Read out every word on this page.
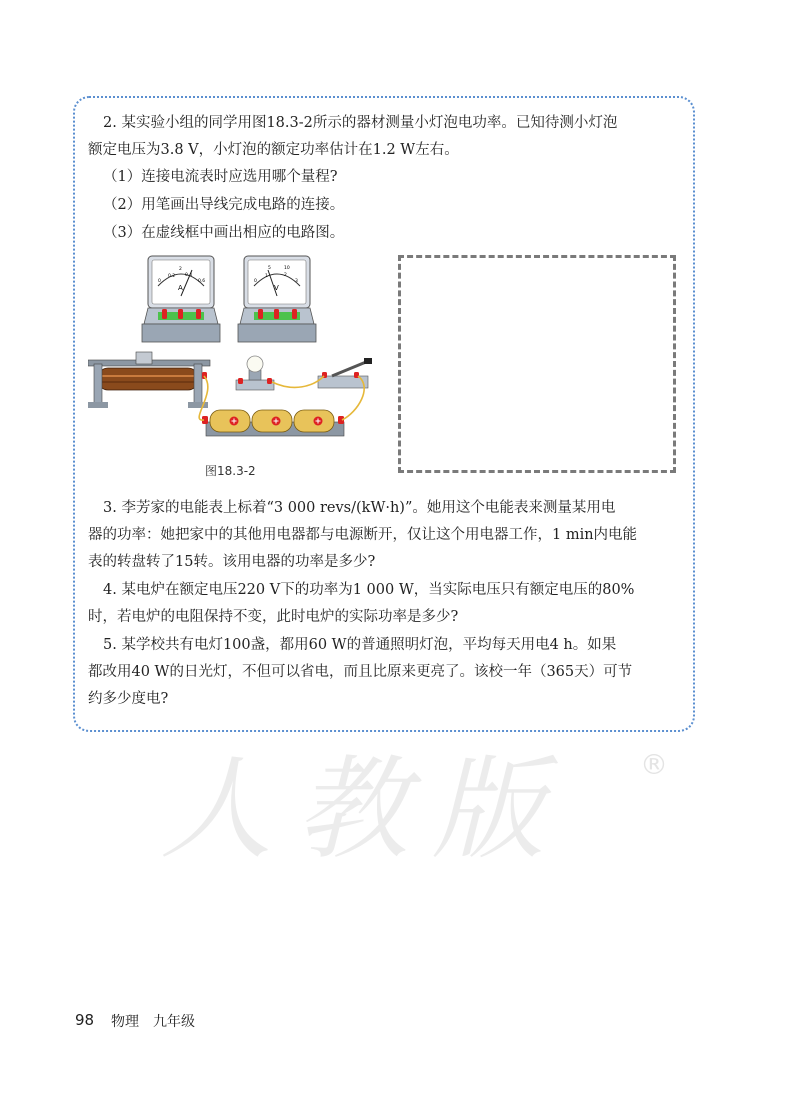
2. 某实验小组的同学用图18.3-2所示的器材测量小灯泡电功率。已知待测小灯泡
额定电压为3.8 V，小灯泡的额定功率估计在1.2 W左右。
（1）连接电流表时应选用哪个量程?
（2）用笔画出导线完成电路的连接。
（3）在虚线框中画出相应的电路图。
2
0
0.2 0.4
0.6
A
5	10
0
1	2
3
V
图18.3-2
3. 李芳家的电能表上标着“3 000 revs/(kW·h)”。她用这个电能表来测量某用电
器的功率：她把家中的其他用电器都与电源断开，仅让这个用电器工作，1 min内电能
表的转盘转了15转。该用电器的功率是多少?
4. 某电炉在额定电压220 V下的功率为1 000 W，当实际电压只有额定电压的80%
时，若电炉的电阻保持不变，此时电炉的实际功率是多少?
5. 某学校共有电灯100盏，都用60 W的普通照明灯泡，平均每天用电4 h。如果
都改用40 W的日光灯，不但可以省电，而且比原来更亮了。该校一年（365天）可节
约多少度电?
人教版	®
98 物理 九年级
